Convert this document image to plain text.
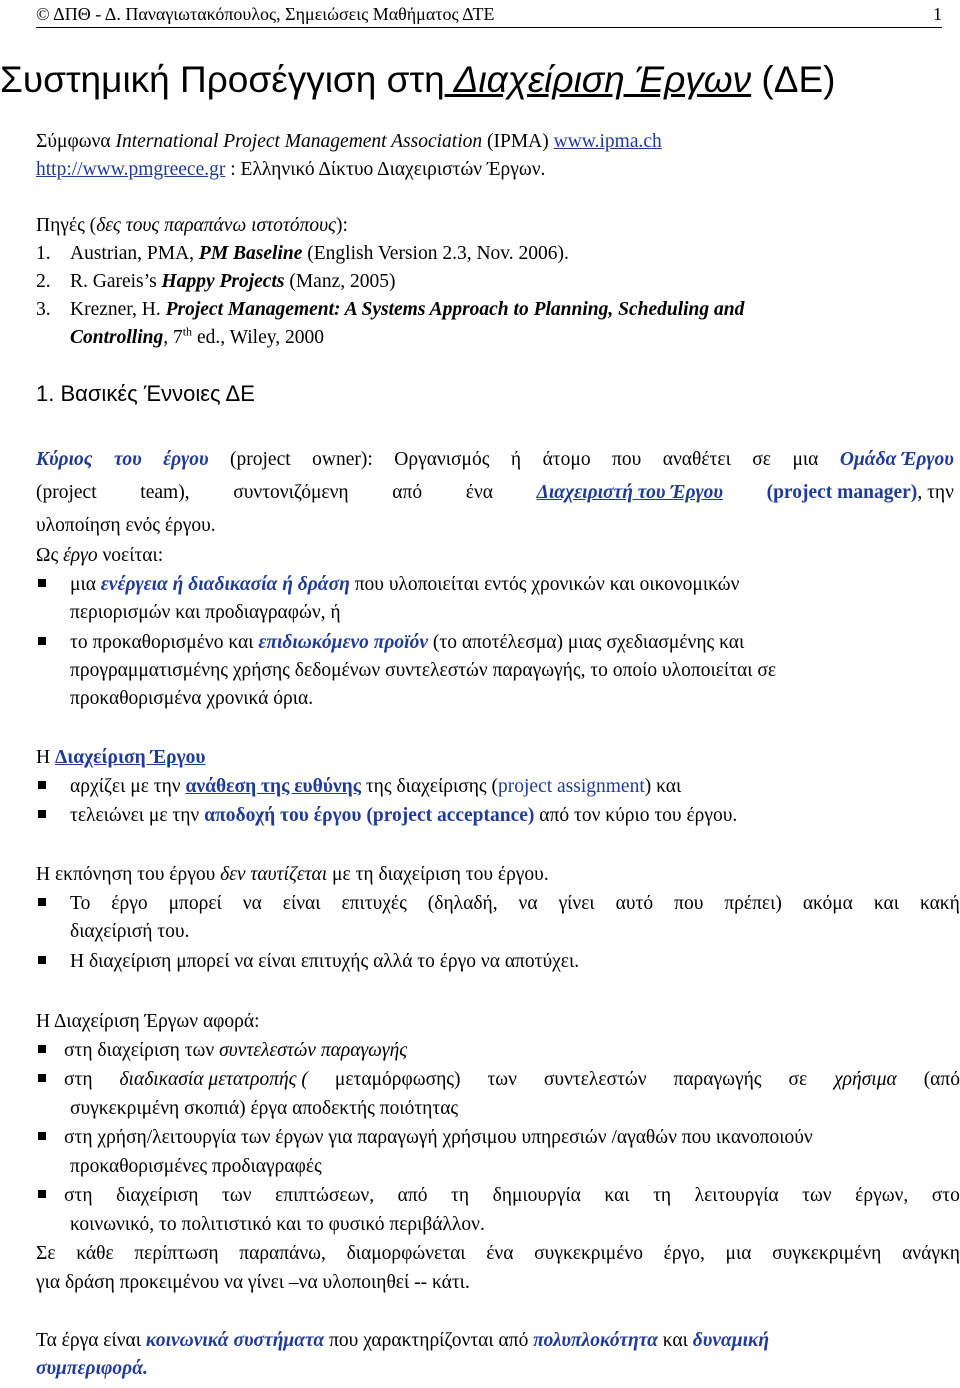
© ΔΠΘ - Δ. Παναγιωτακόπουλος, Σημειώσεις Μαθήματος ΔΤΕ	1
Συστημική Προσέγγιση στη Διαχείριση Έργων (ΔΕ)
Σύμφωνα International Project Management Association (IPMA) www.ipma.ch
http://www.pmgreece.gr : Ελληνικό Δίκτυο Διαχειριστών Έργων.
Πηγές (δες τους παραπάνω ιστοτόπους):
1. Austrian, PMA, PM Baseline (English Version 2.3, Nov. 2006).
2. R. Gareis’s Happy Projects (Manz, 2005)
3. Krezner, H. Project Management: A Systems Approach to Planning, Scheduling and
Controlling, 7th ed., Wiley, 2000
1. Βασικές Έννοιες ΔΕ
Κύριος του έργου (project owner): Οργανισμός ή άτομο που αναθέτει σε μια Ομάδα Έργου
(project team), συντονιζόμενη από ένα Διαχειριστή του Έργου (project manager), την
υλοποίηση ενός έργου.
Ως έργο νοείται:
μια ενέργεια ή διαδικασία ή δράση που υλοποιείται εντός χρονικών και οικονομικών
περιορισμών και προδιαγραφών, ή
το προκαθορισμένο και επιδιωκόμενο προϊόν (το αποτέλεσμα) μιας σχεδιασμένης και
προγραμματισμένης χρήσης δεδομένων συντελεστών παραγωγής, το οποίο υλοποιείται σε
προκαθορισμένα χρονικά όρια.
Η Διαχείριση Έργου
αρχίζει με την ανάθεση της ευθύνης της διαχείρισης (project assignment) και
τελειώνει με την αποδοχή του έργου (project acceptance) από τον κύριο του έργου.
Η εκπόνηση του έργου δεν ταυτίζεται με τη διαχείριση του έργου.
Το έργο μπορεί να είναι επιτυχές (δηλαδή, να γίνει αυτό που πρέπει) ακόμα και κακή
διαχείρισή του.
Η διαχείριση μπορεί να είναι επιτυχής αλλά το έργο να αποτύχει.
Η Διαχείριση Έργων αφορά:
στη διαχείριση των συντελεστών παραγωγής
στη διαδικασία μετατροπής ( μεταμόρφωσης) των συντελεστών παραγωγής σε χρήσιμα (από
συγκεκριμένη σκοπιά) έργα αποδεκτής ποιότητας
στη χρήση/λειτουργία των έργων για παραγωγή χρήσιμου υπηρεσιών /αγαθών που ικανοποιούν
προκαθορισμένες προδιαγραφές
στη διαχείριση των επιπτώσεων, από τη δημιουργία και τη λειτουργία των έργων, στο
κοινωνικό, το πολιτιστικό και το φυσικό περιβάλλον.
Σε κάθε περίπτωση παραπάνω, διαμορφώνεται ένα συγκεκριμένο έργο, μια συγκεκριμένη ανάγκη
για δράση προκειμένου να γίνει –να υλοποιηθεί -- κάτι.
Τα έργα είναι κοινωνικά συστήματα που χαρακτηρίζονται από πολυπλοκότητα και δυναμική
συμπεριφορά.
